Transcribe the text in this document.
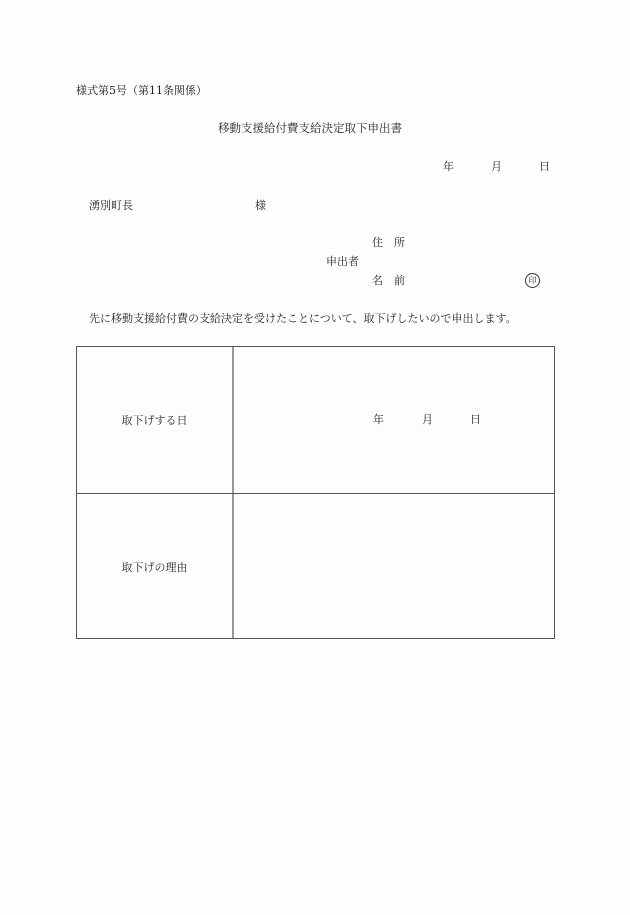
様式第5号（第11条関係）
移動支援給付費支給決定取下申出書
年	月	日
湧別町長	様
住　所
申出者
名　前	印
先に移動支援給付費の支給決定を受けたことについて、取下げしたいので申出します。
取下げする日	年	月	日
取下げの理由
